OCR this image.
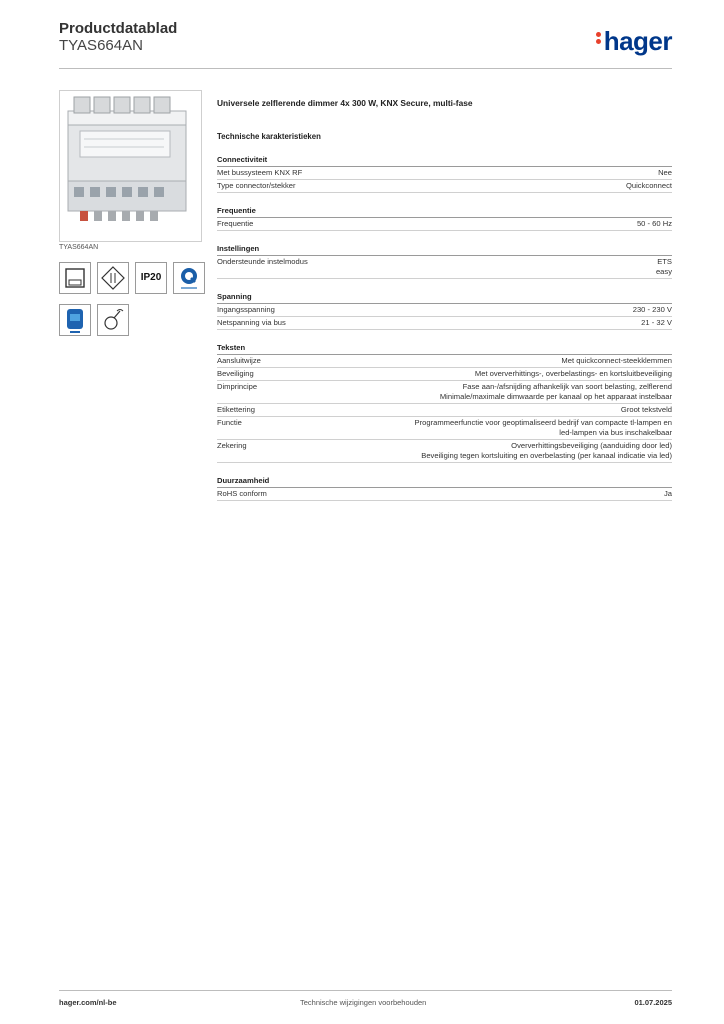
Productdatablad
TYAS664AN	hager
TYAS664AN
IP20
Universele zelflerende dimmer 4x 300 W, KNX Secure, multi-fase
Technische karakteristieken
Connectiviteit
Met bussysteem KNX RF	Nee
Type connector/stekker	Quickconnect
Frequentie
Frequentie	50 - 60 Hz
Instellingen
Ondersteunde instelmodus	ETS
easy
Spanning
Ingangsspanning	230 - 230 V
Netspanning via bus	21 - 32 V
Teksten
Aansluitwijze	Met quickconnect-steekklemmen
Beveiliging	Met oververhittings-, overbelastings- en kortsluitbeveiliging
Dimprincipe	Fase aan-/afsnijding afhankelijk van soort belasting, zelflerend
Minimale/maximale dimwaarde per kanaal op het apparaat instelbaar
Etikettering	Groot tekstveld
Functie	Programmeerfunctie voor geoptimaliseerd bedrijf van compacte tl-lampen en
led-lampen via bus inschakelbaar
Zekering	Oververhittingsbeveiliging (aanduiding door led)
Beveiliging tegen kortsluiting en overbelasting (per kanaal indicatie via led)
Duurzaamheid
RoHS conform	Ja
hager.com/nl-be	Technische wijzigingen voorbehouden	01.07.2025
